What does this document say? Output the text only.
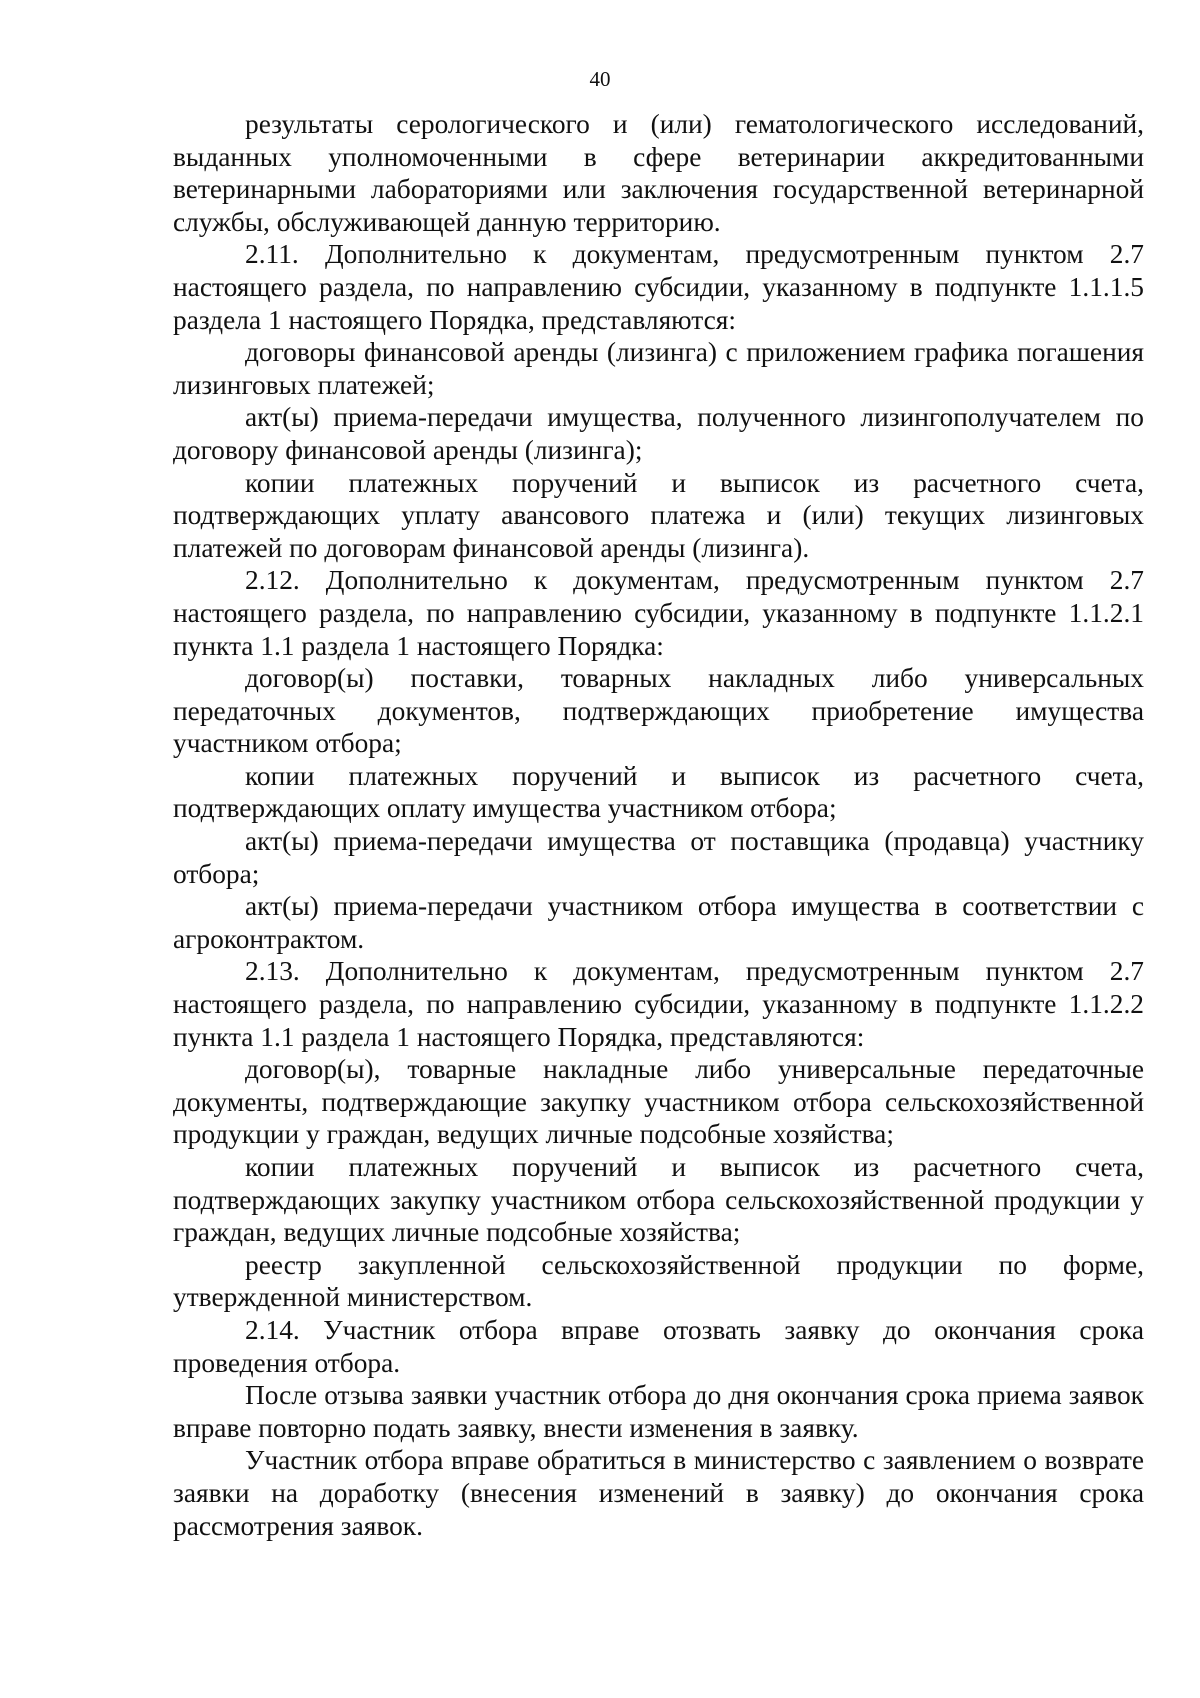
40

результаты серологического и (или) гематологического исследований, выданных уполномоченными в сфере ветеринарии аккредитованными ветеринарными лабораториями или заключения государственной ветеринарной службы, обслуживающей данную территорию.

2.11. Дополнительно к документам, предусмотренным пунктом 2.7 настоящего раздела, по направлению субсидии, указанному в подпункте 1.1.1.5 раздела 1 настоящего Порядка, представляются:

договоры финансовой аренды (лизинга) с приложением графика погашения лизинговых платежей;

акт(ы) приема-передачи имущества, полученного лизингополучателем по договору финансовой аренды (лизинга);

копии платежных поручений и выписок из расчетного счета, подтверждающих уплату авансового платежа и (или) текущих лизинговых платежей по договорам финансовой аренды (лизинга).

2.12. Дополнительно к документам, предусмотренным пунктом 2.7 настоящего раздела, по направлению субсидии, указанному в подпункте 1.1.2.1 пункта 1.1 раздела 1 настоящего Порядка:

договор(ы) поставки, товарных накладных либо универсальных передаточных документов, подтверждающих приобретение имущества участником отбора;

копии платежных поручений и выписок из расчетного счета, подтверждающих оплату имущества участником отбора;

акт(ы) приема-передачи имущества от поставщика (продавца) участнику отбора;

акт(ы) приема-передачи участником отбора имущества в соответствии с агроконтрактом.

2.13. Дополнительно к документам, предусмотренным пунктом 2.7 настоящего раздела, по направлению субсидии, указанному в подпункте 1.1.2.2 пункта 1.1 раздела 1 настоящего Порядка, представляются:

договор(ы), товарные накладные либо универсальные передаточные документы, подтверждающие закупку участником отбора сельскохозяйственной продукции у граждан, ведущих личные подсобные хозяйства;

копии платежных поручений и выписок из расчетного счета, подтверждающих закупку участником отбора сельскохозяйственной продукции у граждан, ведущих личные подсобные хозяйства;

реестр закупленной сельскохозяйственной продукции по форме, утвержденной министерством.

2.14. Участник отбора вправе отозвать заявку до окончания срока проведения отбора.

После отзыва заявки участник отбора до дня окончания срока приема заявок вправе повторно подать заявку, внести изменения в заявку.

Участник отбора вправе обратиться в министерство с заявлением о возврате заявки на доработку (внесения изменений в заявку) до окончания срока рассмотрения заявок.
